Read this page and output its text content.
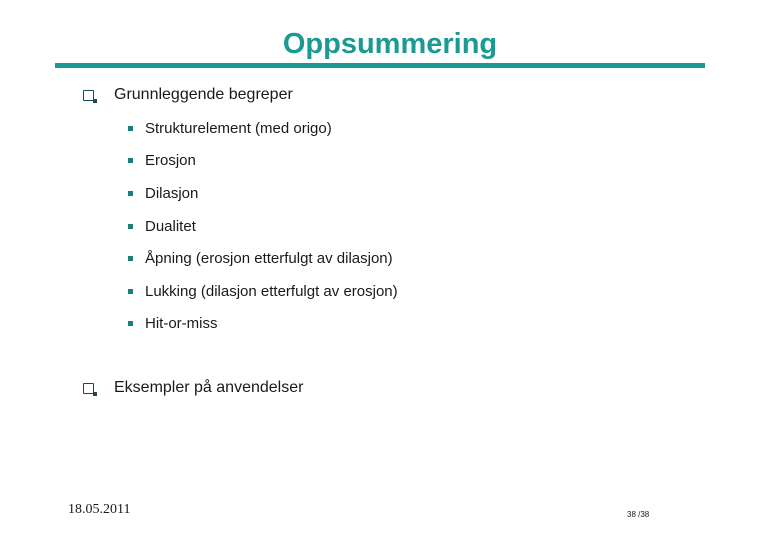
Oppsummering
Grunnleggende begreper
Strukturelement (med origo)
Erosjon
Dilasjon
Dualitet
Åpning (erosjon etterfulgt av dilasjon)
Lukking (dilasjon etterfulgt av erosjon)
Hit-or-miss
Eksempler på anvendelser
18.05.2011	38 /38
